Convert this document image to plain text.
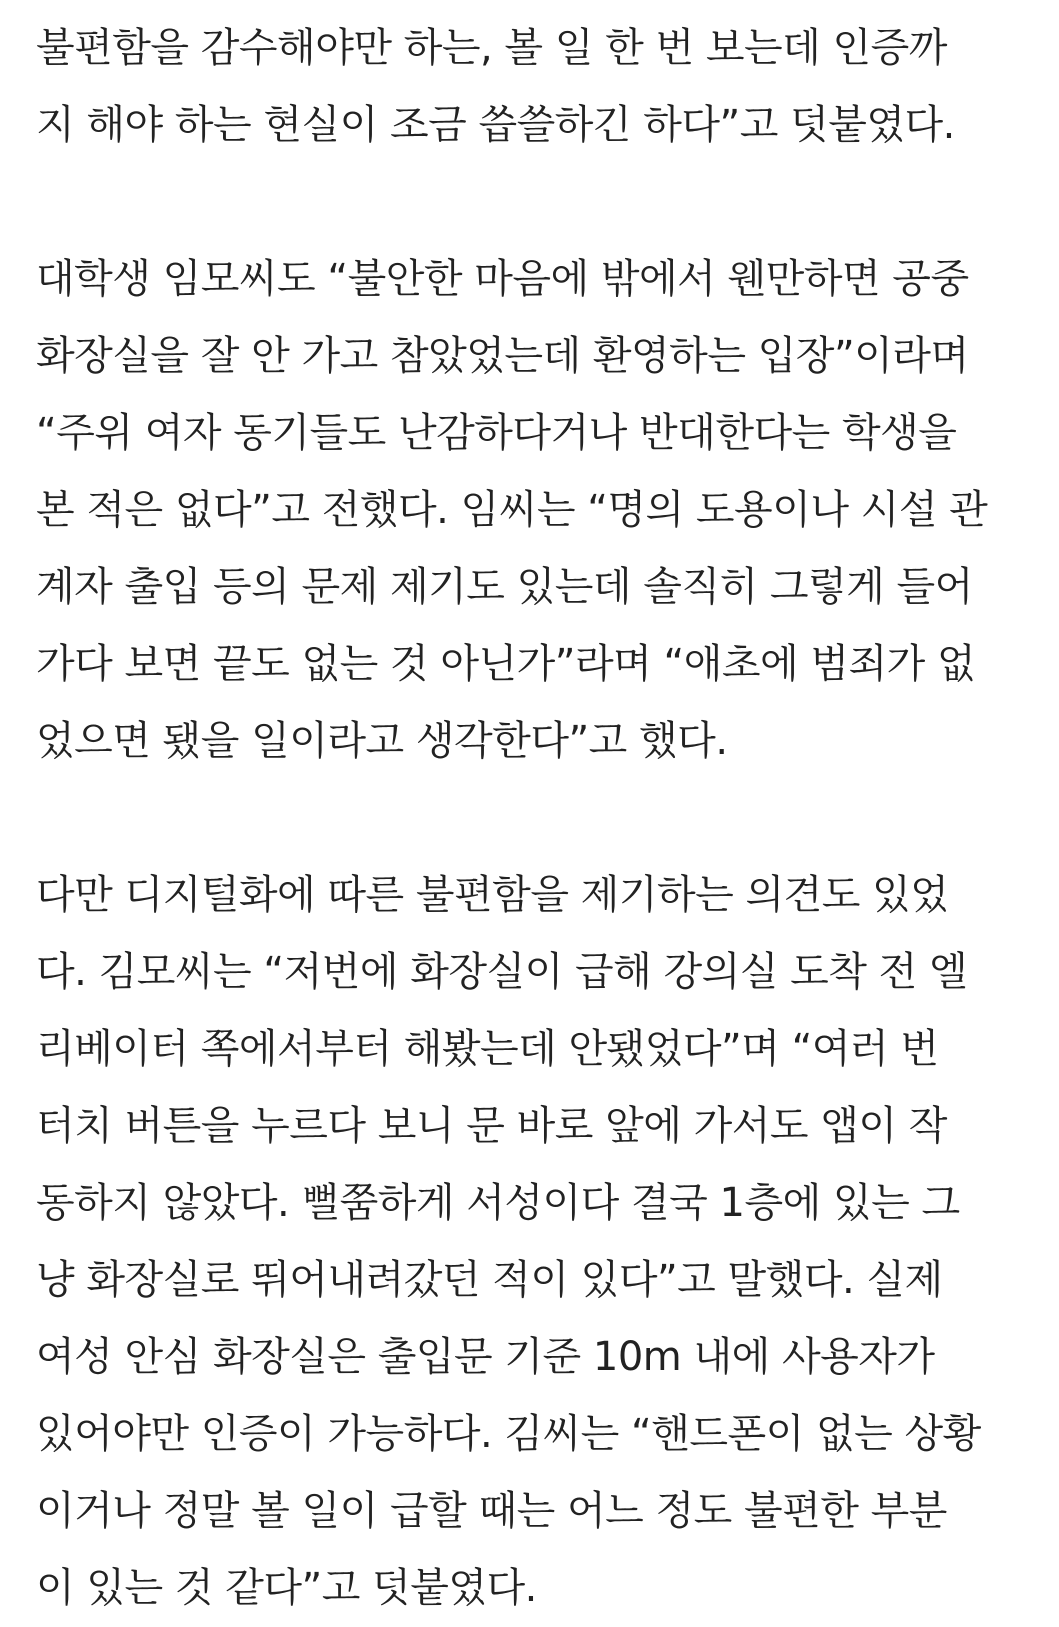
불편함을 감수해야만 하는, 볼 일 한 번 보는데 인증까
지 해야 하는 현실이 조금 씁쓸하긴 하다”고 덧붙였다.
대학생 임모씨도 “불안한 마음에 밖에서 웬만하면 공중
화장실을 잘 안 가고 참았었는데 환영하는 입장”이라며
“주위 여자 동기들도 난감하다거나 반대한다는 학생을
본 적은 없다”고 전했다. 임씨는 “명의 도용이나 시설 관
계자 출입 등의 문제 제기도 있는데 솔직히 그렇게 들어
가다 보면 끝도 없는 것 아닌가”라며 “애초에 범죄가 없
었으면 됐을 일이라고 생각한다”고 했다.
다만 디지털화에 따른 불편함을 제기하는 의견도 있었
다. 김모씨는 “저번에 화장실이 급해 강의실 도착 전 엘
리베이터 쪽에서부터 해봤는데 안됐었다”며 “여러 번
터치 버튼을 누르다 보니 문 바로 앞에 가서도 앱이 작
동하지 않았다. 뻘쭘하게 서성이다 결국 1층에 있는 그
냥 화장실로 뛰어내려갔던 적이 있다”고 말했다. 실제
여성 안심 화장실은 출입문 기준 10m 내에 사용자가
있어야만 인증이 가능하다. 김씨는 “핸드폰이 없는 상황
이거나 정말 볼 일이 급할 때는 어느 정도 불편한 부분
이 있는 것 같다”고 덧붙였다.
